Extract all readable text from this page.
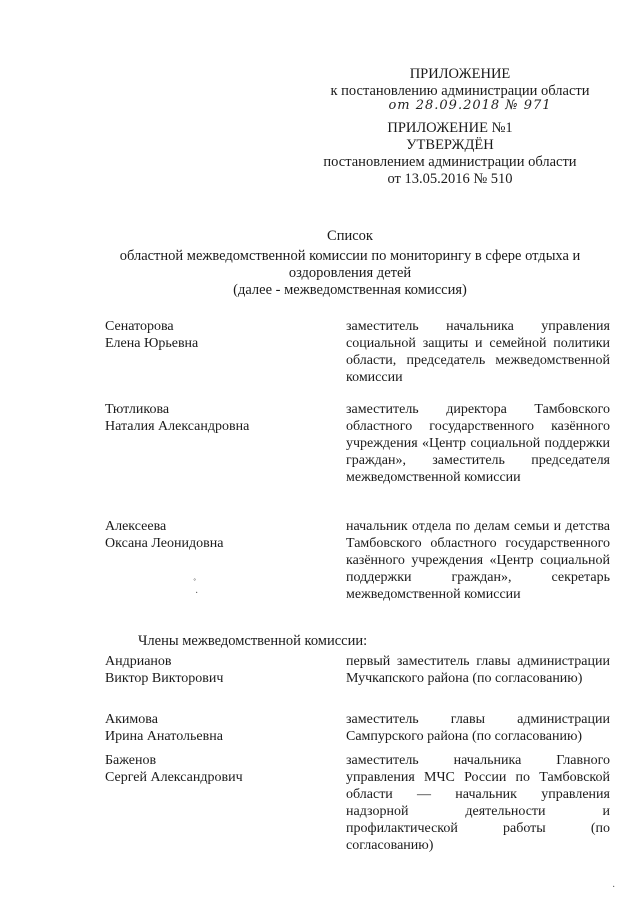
ПРИЛОЖЕНИЕ
к постановлению администрации области
от 28.09.2018 № 971
ПРИЛОЖЕНИЕ №1
УТВЕРЖДЁН
постановлением администрации области
от 13.05.2016 № 510
Список
областной межведомственной комиссии по мониторингу в сфере отдыха и
оздоровления детей
(далее - межведомственная комиссия)
Сенаторова
Елена Юрьевна
заместитель начальника управления социальной защиты и семейной политики области, председатель межведомственной комиссии
Тютликова
Наталия Александровна
заместитель директора Тамбовского областного государственного казённого учреждения «Центр социальной поддержки граждан», заместитель председателя межведомственной комиссии
Алексеева
Оксана Леонидовна
начальник отдела по делам семьи и детства Тамбовского областного государственного казённого учреждения «Центр социальной поддержки граждан», секретарь межведомственной комиссии
˚
·
Члены межведомственной комиссии:
Андрианов
Виктор Викторович
первый заместитель главы администрации Мучкапского района (по согласованию)
Акимова
Ирина Анатольевна
заместитель главы администрации Сампурского района (по согласованию)
Баженов
Сергей Александрович
заместитель начальника Главного управления МЧС России по Тамбовской области — начальник управления надзорной деятельности и профилактической работы (по согласованию)
·
